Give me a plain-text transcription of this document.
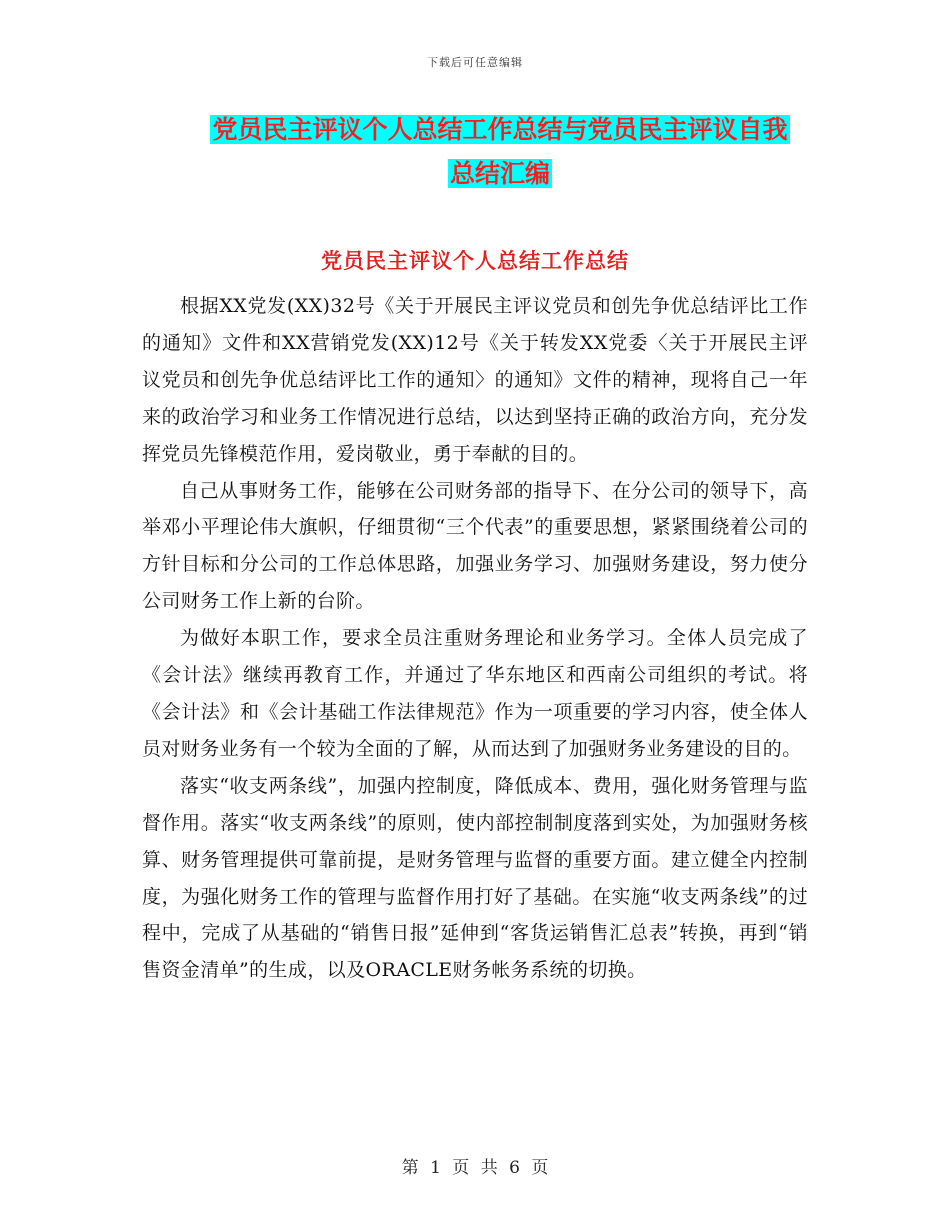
下载后可任意编辑
党员民主评议个人总结工作总结与党员民主评议自我
总结汇编
党员民主评议个人总结工作总结

根据XX党发(XX)32号《关于开展民主评议党员和创先争优总结评比工作的通知》文件和XX营销党发(XX)12号《关于转发XX党委〈关于开展民主评议党员和创先争优总结评比工作的通知〉的通知》文件的精神，现将自己一年来的政治学习和业务工作情况进行总结，以达到坚持正确的政治方向，充分发挥党员先锋模范作用，爱岗敬业，勇于奉献的目的。

自己从事财务工作，能够在公司财务部的指导下、在分公司的领导下，高举邓小平理论伟大旗帜，仔细贯彻“三个代表”的重要思想，紧紧围绕着公司的方针目标和分公司的工作总体思路，加强业务学习、加强财务建设，努力使分公司财务工作上新的台阶。

为做好本职工作，要求全员注重财务理论和业务学习。全体人员完成了《会计法》继续再教育工作，并通过了华东地区和西南公司组织的考试。将《会计法》和《会计基础工作法律规范》作为一项重要的学习内容，使全体人员对财务业务有一个较为全面的了解，从而达到了加强财务业务建设的目的。

落实“收支两条线”，加强内控制度，降低成本、费用，强化财务管理与监督作用。落实“收支两条线”的原则，使内部控制制度落到实处，为加强财务核算、财务管理提供可靠前提，是财务管理与监督的重要方面。建立健全内控制度，为强化财务工作的管理与监督作用打好了基础。在实施“收支两条线”的过程中，完成了从基础的“销售日报”延伸到“客货运销售汇总表”转换，再到“销售资金清单”的生成，以及ORACLE财务帐务系统的切换。

第 1 页 共 6 页
